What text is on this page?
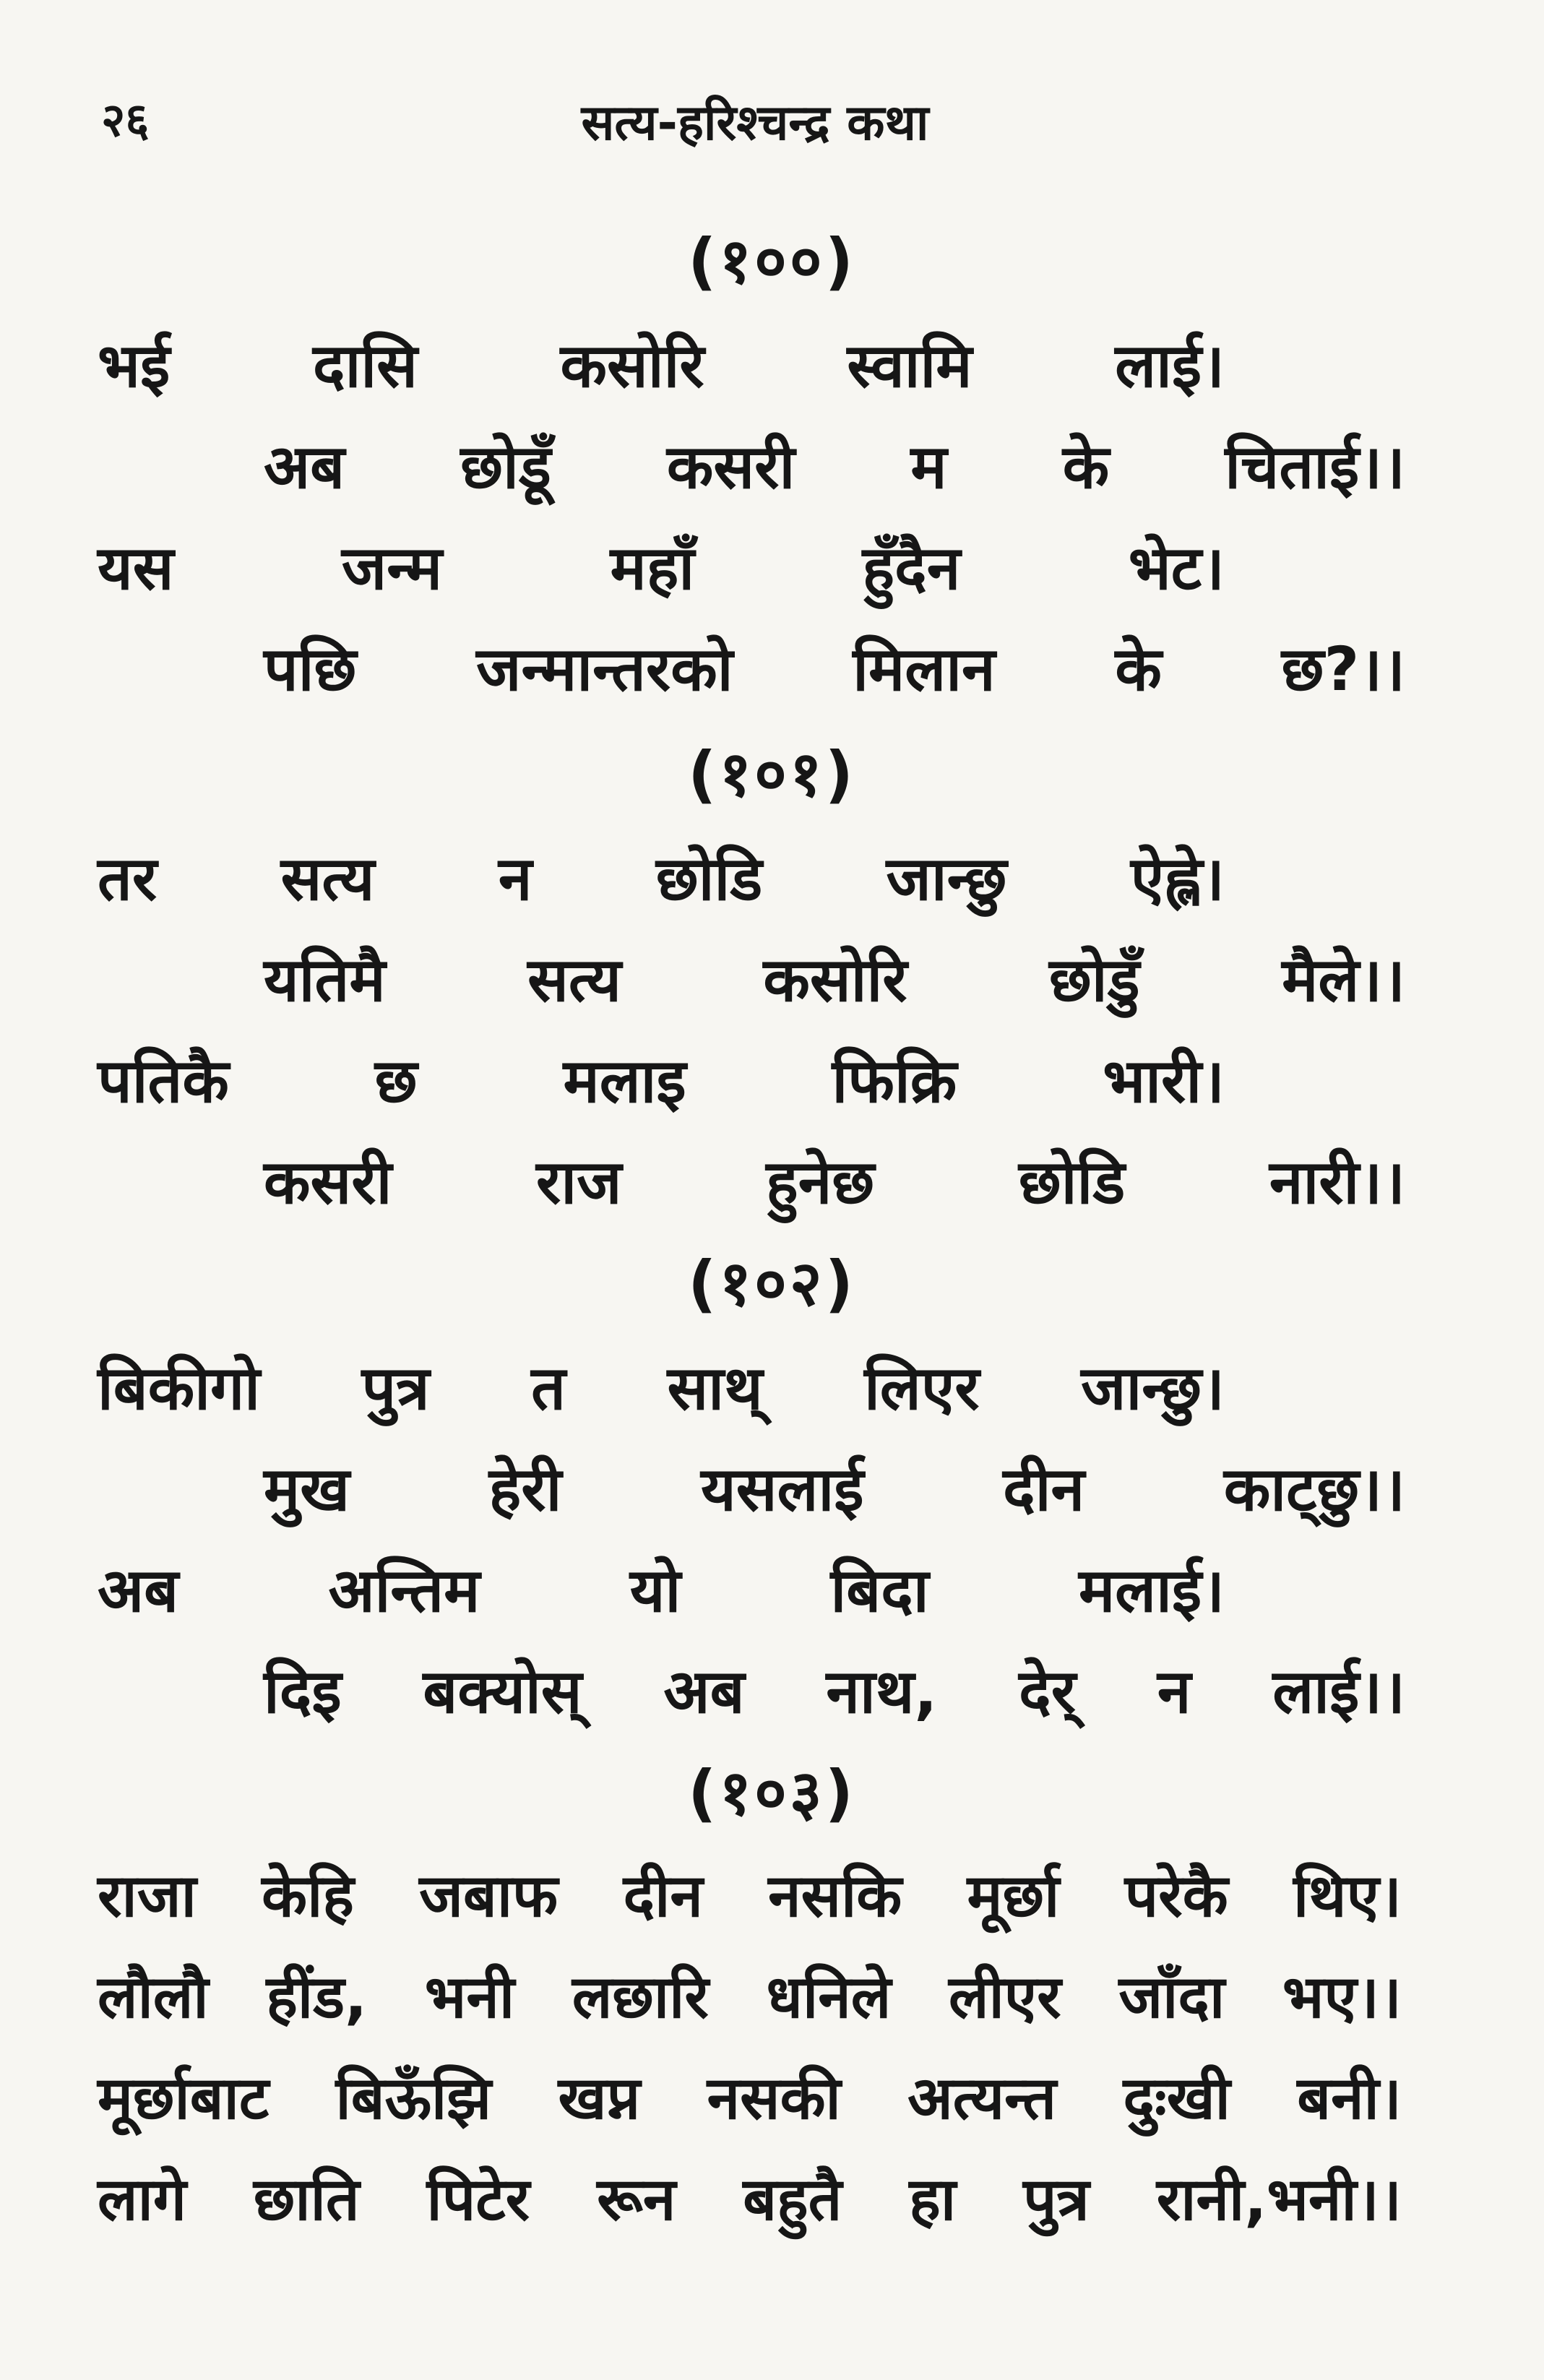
२६	सत्य-हरिश्चन्द्र कथा
(१००)
भई दासि कसोरि स्वामि लाई।
अब छोडूँ कसरी म के चिताई।।
यस	जन्म	महाँ	हुँदैन	भेट।
पछि जन्मान्तरको मिलान के छ?।।
(१०१)
तर सत्य न छोडि जान्छु ऐह्ले।
यतिमै सत्य कसोरि छोडुँ मैले।।
पतिकै छ मलाइ फिक्रि भारी।
कसरी राज हुनेछ छोडि नारी।।
(१०२)
बिकीगो पुत्र त साथ् लिएर जान्छु।
मुख हेरी यसलाई दीन काट्छु।।
अब अन्तिम यो बिदा मलाई।
दिइ बक्योस् अब नाथ, देर् न लाई।।
(१०३)
राजा केहि जबाफ दीन नसकि मूर्छा परेकै थिए।
लौलौ हींड, भनी लछारि धनिले लीएर जाँदा भए।।
मूर्छाबाट बिऊँझि खप्न नसकी अत्यन्त दुःखी बनी।
लागे छाति पिटेर रून बहुतै हा पुत्र रानी,भनी।।
